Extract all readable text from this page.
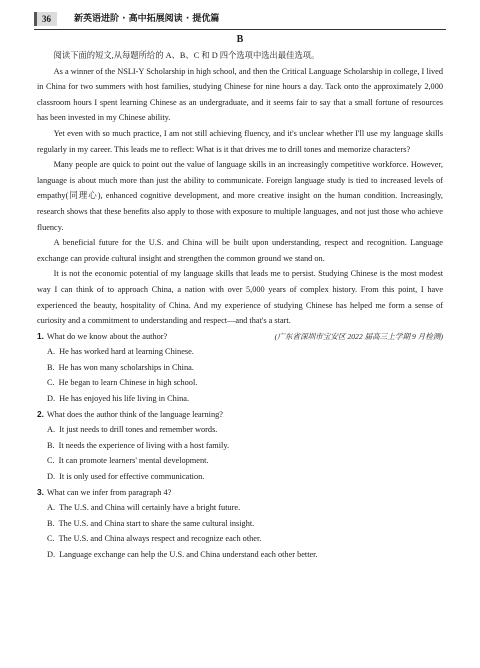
36	新英语进阶 · 高中拓展阅读 · 提优篇
B

阅读下面的短文,从每题所给的 A、B、C 和 D 四个选项中选出最佳选项。

As a winner of the NSLI-Y Scholarship in high school, and then the Critical Language Scholarship in college, I lived in China for two summers with host families, studying Chinese for nine hours a day. Tack onto the approximately 2,000 classroom hours I spent learning Chinese as an undergraduate, and it seems fair to say that a small fortune of resources has been invested in my Chinese ability.

Yet even with so much practice, I am not still achieving fluency, and it's unclear whether I'll use my language skills regularly in my career. This leads me to reflect: What is it that drives me to drill tones and memorize characters?

Many people are quick to point out the value of language skills in an increasingly competitive workforce. However, language is about much more than just the ability to communicate. Foreign language study is tied to increased levels of empathy(同理心), enhanced cognitive development, and more creative insight on the human condition. Increasingly, research shows that these benefits also apply to those with exposure to multiple languages, and not just those who achieve fluency.

A beneficial future for the U.S. and China will be built upon understanding, respect and recognition. Language exchange can provide cultural insight and strengthen the common ground we stand on.

It is not the economic potential of my language skills that leads me to persist. Studying Chinese is the most modest way I can think of to approach China, a nation with over 5,000 years of complex history. From this point, I have experienced the beauty, hospitality of China. And my experience of studying Chinese has helped me form a sense of curiosity and a commitment to understanding and respect—and that's a start.
(广东省深圳市宝安区 2022 届高三上学期 9 月检测)

1. What do we know about the author?

A. He has worked hard at learning Chinese.

B. He has won many scholarships in China.

C. He began to learn Chinese in high school.

D. He has enjoyed his life living in China.

2. What does the author think of the language learning?

A. It just needs to drill tones and remember words.

B. It needs the experience of living with a host family.

C. It can promote learners' mental development.

D. It is only used for effective communication.

3. What can we infer from paragraph 4?

A. The U.S. and China will certainly have a bright future.

B. The U.S. and China start to share the same cultural insight.

C. The U.S. and China always respect and recognize each other.

D. Language exchange can help the U.S. and China understand each other better.
